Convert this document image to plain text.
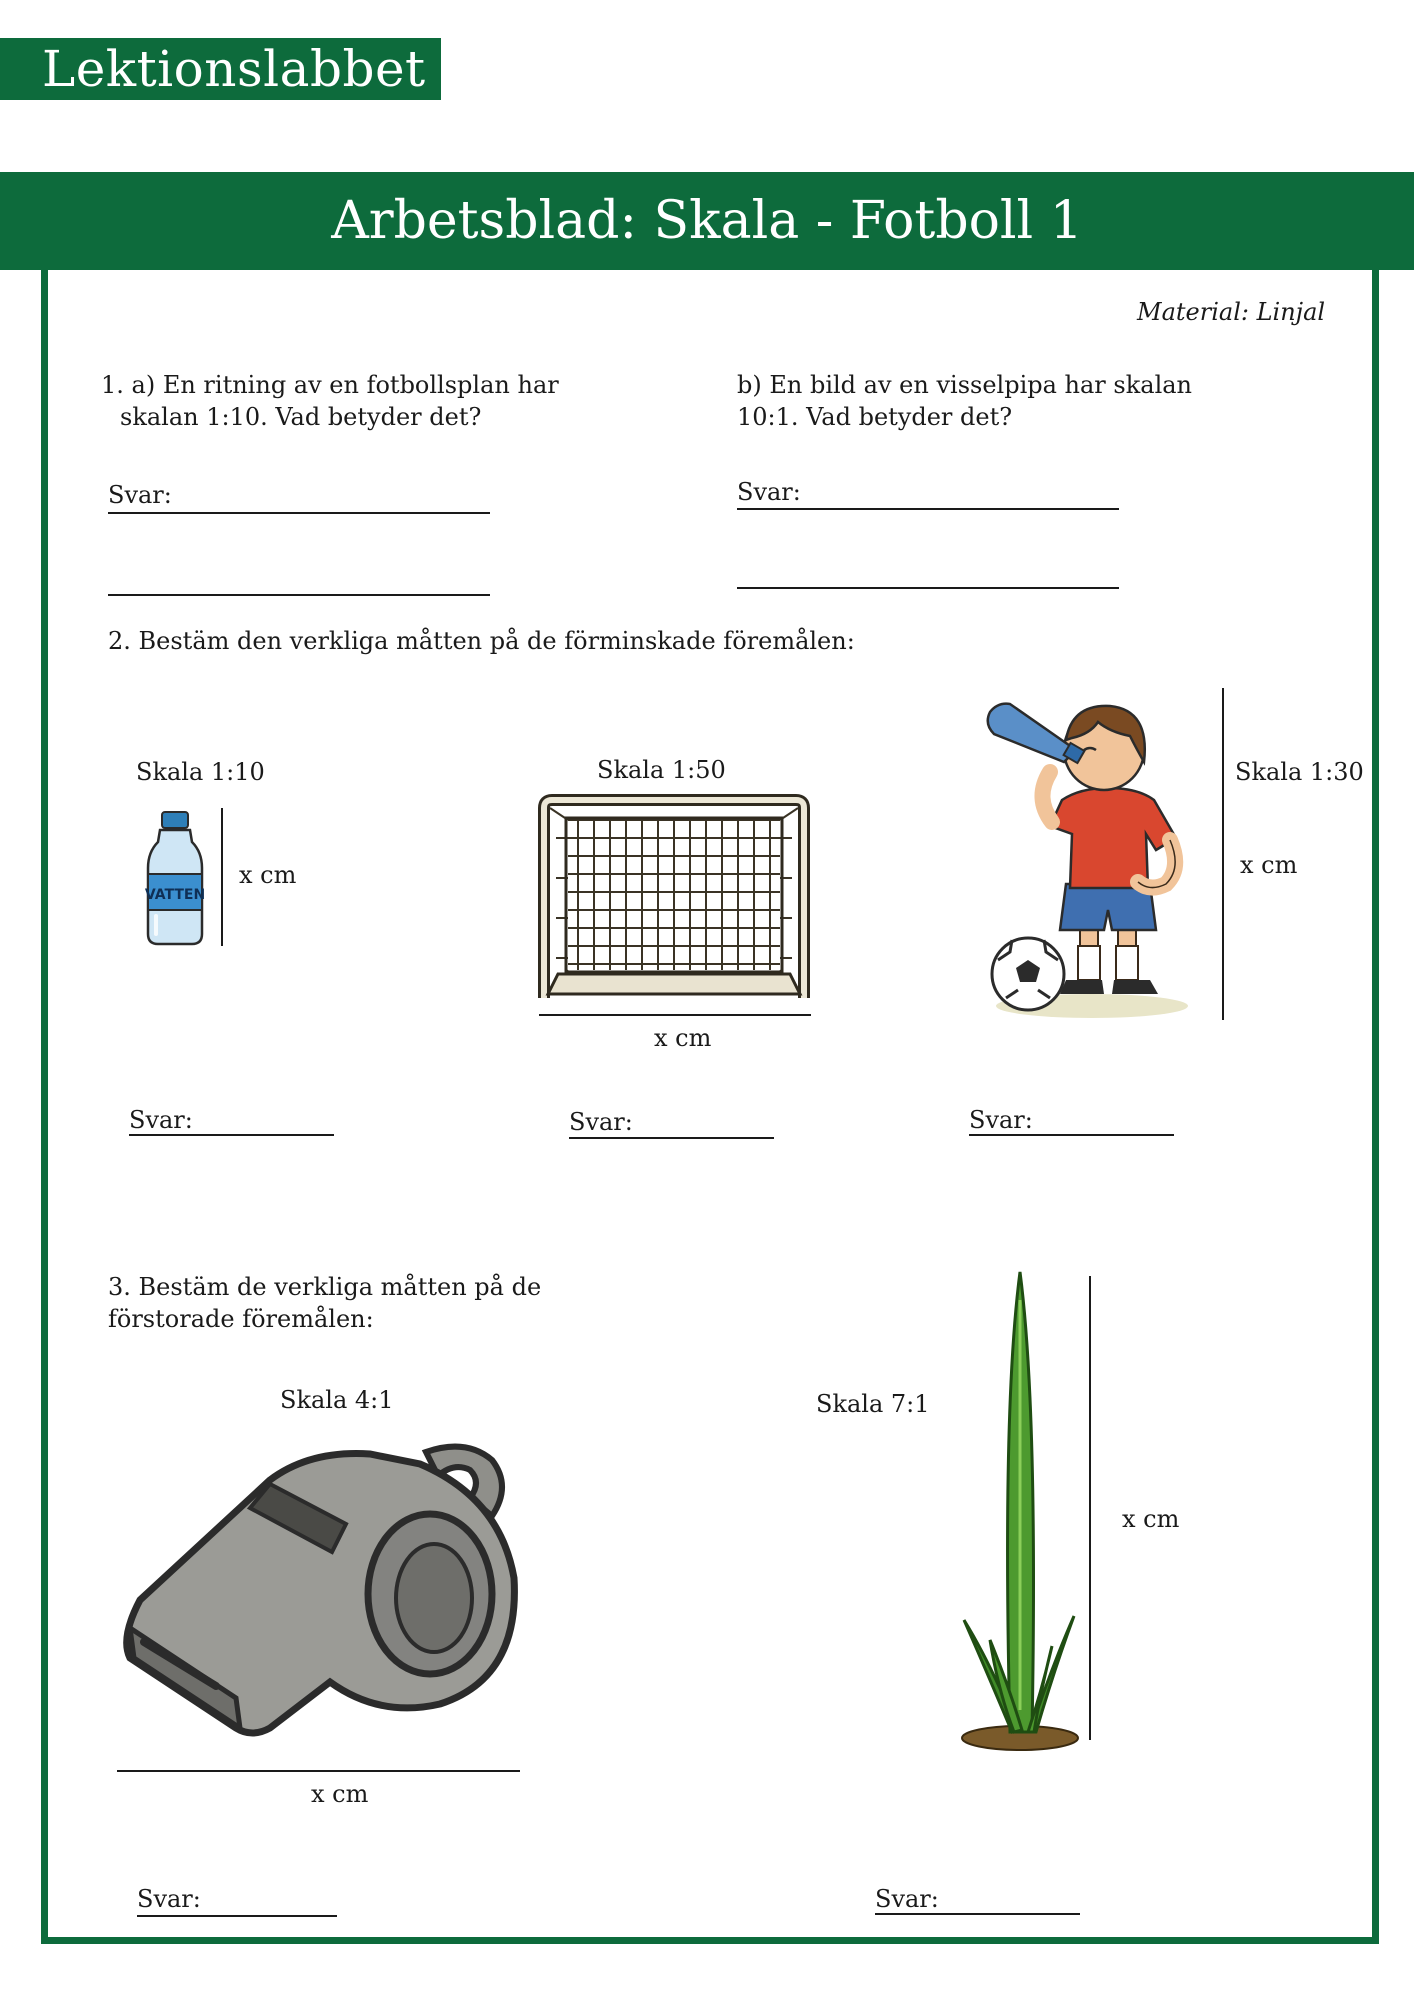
Lektionslabbet
Arbetsblad: Skala - Fotboll 1
Material: Linjal
1. a) En ritning av en fotbollsplan har
skalan 1:10. Vad betyder det?
Svar:
b) En bild av en visselpipa har skalan
10:1. Vad betyder det?
Svar:
2. Bestäm den verkliga måtten på de förminskade föremålen:
Skala 1:10
VATTEN
x cm
Svar:
Skala 1:50
x cm
Svar:
Skala 1:30
x cm
Svar:
3. Bestäm de verkliga måtten på de
förstorade föremålen:
Skala 4:1
x cm
Svar:
Skala 7:1
x cm
Svar:
